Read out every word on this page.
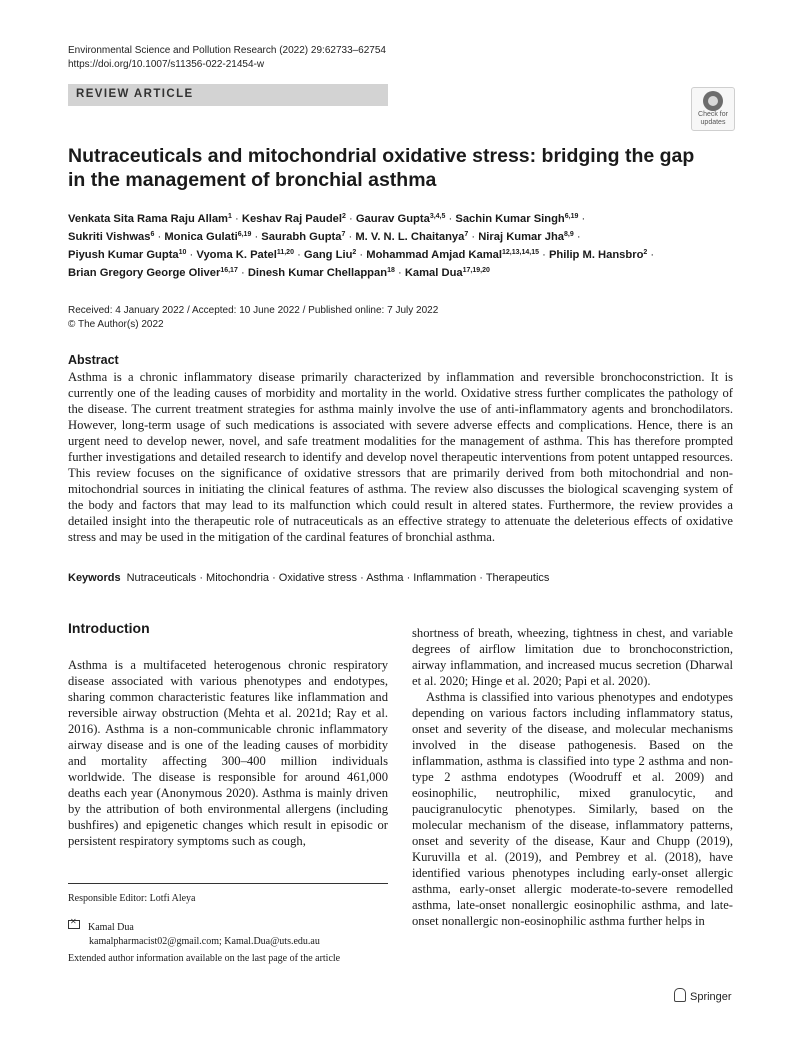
Environmental Science and Pollution Research (2022) 29:62733–62754
https://doi.org/10.1007/s11356-022-21454-w
REVIEW ARTICLE
Check for
updates
Nutraceuticals and mitochondrial oxidative stress: bridging the gap in the management of bronchial asthma
Venkata Sita Rama Raju Allam$^1$ · Keshav Raj Paudel$^2$ · Gaurav Gupta$^{3,4,5}$ · Sachin Kumar Singh$^{6,19}$ ·
Sukriti Vishwas$^6$ · Monica Gulati$^{6,19}$ · Saurabh Gupta$^7$ · M. V. N. L. Chaitanya$^7$ · Niraj Kumar Jha$^{8,9}$ ·
Piyush Kumar Gupta$^{10}$ · Vyoma K. Patel$^{11,20}$ · Gang Liu$^2$ · Mohammad Amjad Kamal$^{12,13,14,15}$ · Philip M. Hansbro$^2$ ·
Brian Gregory George Oliver$^{16,17}$ · Dinesh Kumar Chellappan$^{18}$ · Kamal Dua$^{17,19,20}$
Received: 4 January 2022 / Accepted: 10 June 2022 / Published online: 7 July 2022
© The Author(s) 2022
Abstract

Asthma is a chronic inflammatory disease primarily characterized by inflammation and reversible bronchoconstriction. It is currently one of the leading causes of morbidity and mortality in the world. Oxidative stress further complicates the pathology of the disease. The current treatment strategies for asthma mainly involve the use of anti-inflammatory agents and bronchodilators. However, long-term usage of such medications is associated with severe adverse effects and complications. Hence, there is an urgent need to develop newer, novel, and safe treatment modalities for the management of asthma. This has therefore prompted further investigations and detailed research to identify and develop novel therapeutic interventions from potent untapped resources. This review focuses on the significance of oxidative stressors that are primarily derived from both mitochondrial and non-mitochondrial sources in initiating the clinical features of asthma. The review also discusses the biological scavenging system of the body and factors that may lead to its malfunction which could result in altered states. Furthermore, the review provides a detailed insight into the therapeutic role of nutraceuticals as an effective strategy to attenuate the deleterious effects of oxidative stress and may be used in the mitigation of the cardinal features of bronchial asthma.

Keywords Nutraceuticals · Mitochondria · Oxidative stress · Asthma · Inflammation · Therapeutics
Introduction

Asthma is a multifaceted heterogenous chronic respiratory disease associated with various phenotypes and endotypes, sharing common characteristic features like inflammation and reversible airway obstruction (Mehta et al. 2021d; Ray et al. 2016). Asthma is a non-communicable chronic inflammatory airway disease and is one of the leading causes of morbidity and mortality affecting 300–400 million individuals worldwide. The disease is responsible for around 461,000 deaths each year (Anonymous 2020). Asthma is mainly driven by the attribution of both environmental allergens (including bushfires) and epigenetic changes which result in episodic or persistent respiratory symptoms such as cough,

shortness of breath, wheezing, tightness in chest, and variable degrees of airflow limitation due to bronchoconstriction, airway inflammation, and increased mucus secretion (Dharwal et al. 2020; Hinge et al. 2020; Papi et al. 2020).

Asthma is classified into various phenotypes and endotypes depending on various factors including inflammatory status, onset and severity of the disease, and molecular mechanisms involved in the disease pathogenesis. Based on the inflammation, asthma is classified into type 2 asthma and non-type 2 asthma endotypes (Woodruff et al. 2009) and eosinophilic, neutrophilic, mixed granulocytic, and paucigranulocytic phenotypes. Similarly, based on the molecular mechanism of the disease, inflammatory patterns, onset and severity of the disease, Kaur and Chupp (2019), Kuruvilla et al. (2019), and Pembrey et al. (2018), have identified various phenotypes including early-onset allergic asthma, early-onset allergic moderate-to-severe remodelled asthma, late-onset nonallergic eosinophilic asthma, and late-onset nonallergic non-eosinophilic asthma further helps in

Responsible Editor: Lotfi Aleya
✕Kamal Dua
kamalpharmacist02@gmail.com; Kamal.Dua@uts.edu.au
Extended author information available on the last page of the article
Springer
